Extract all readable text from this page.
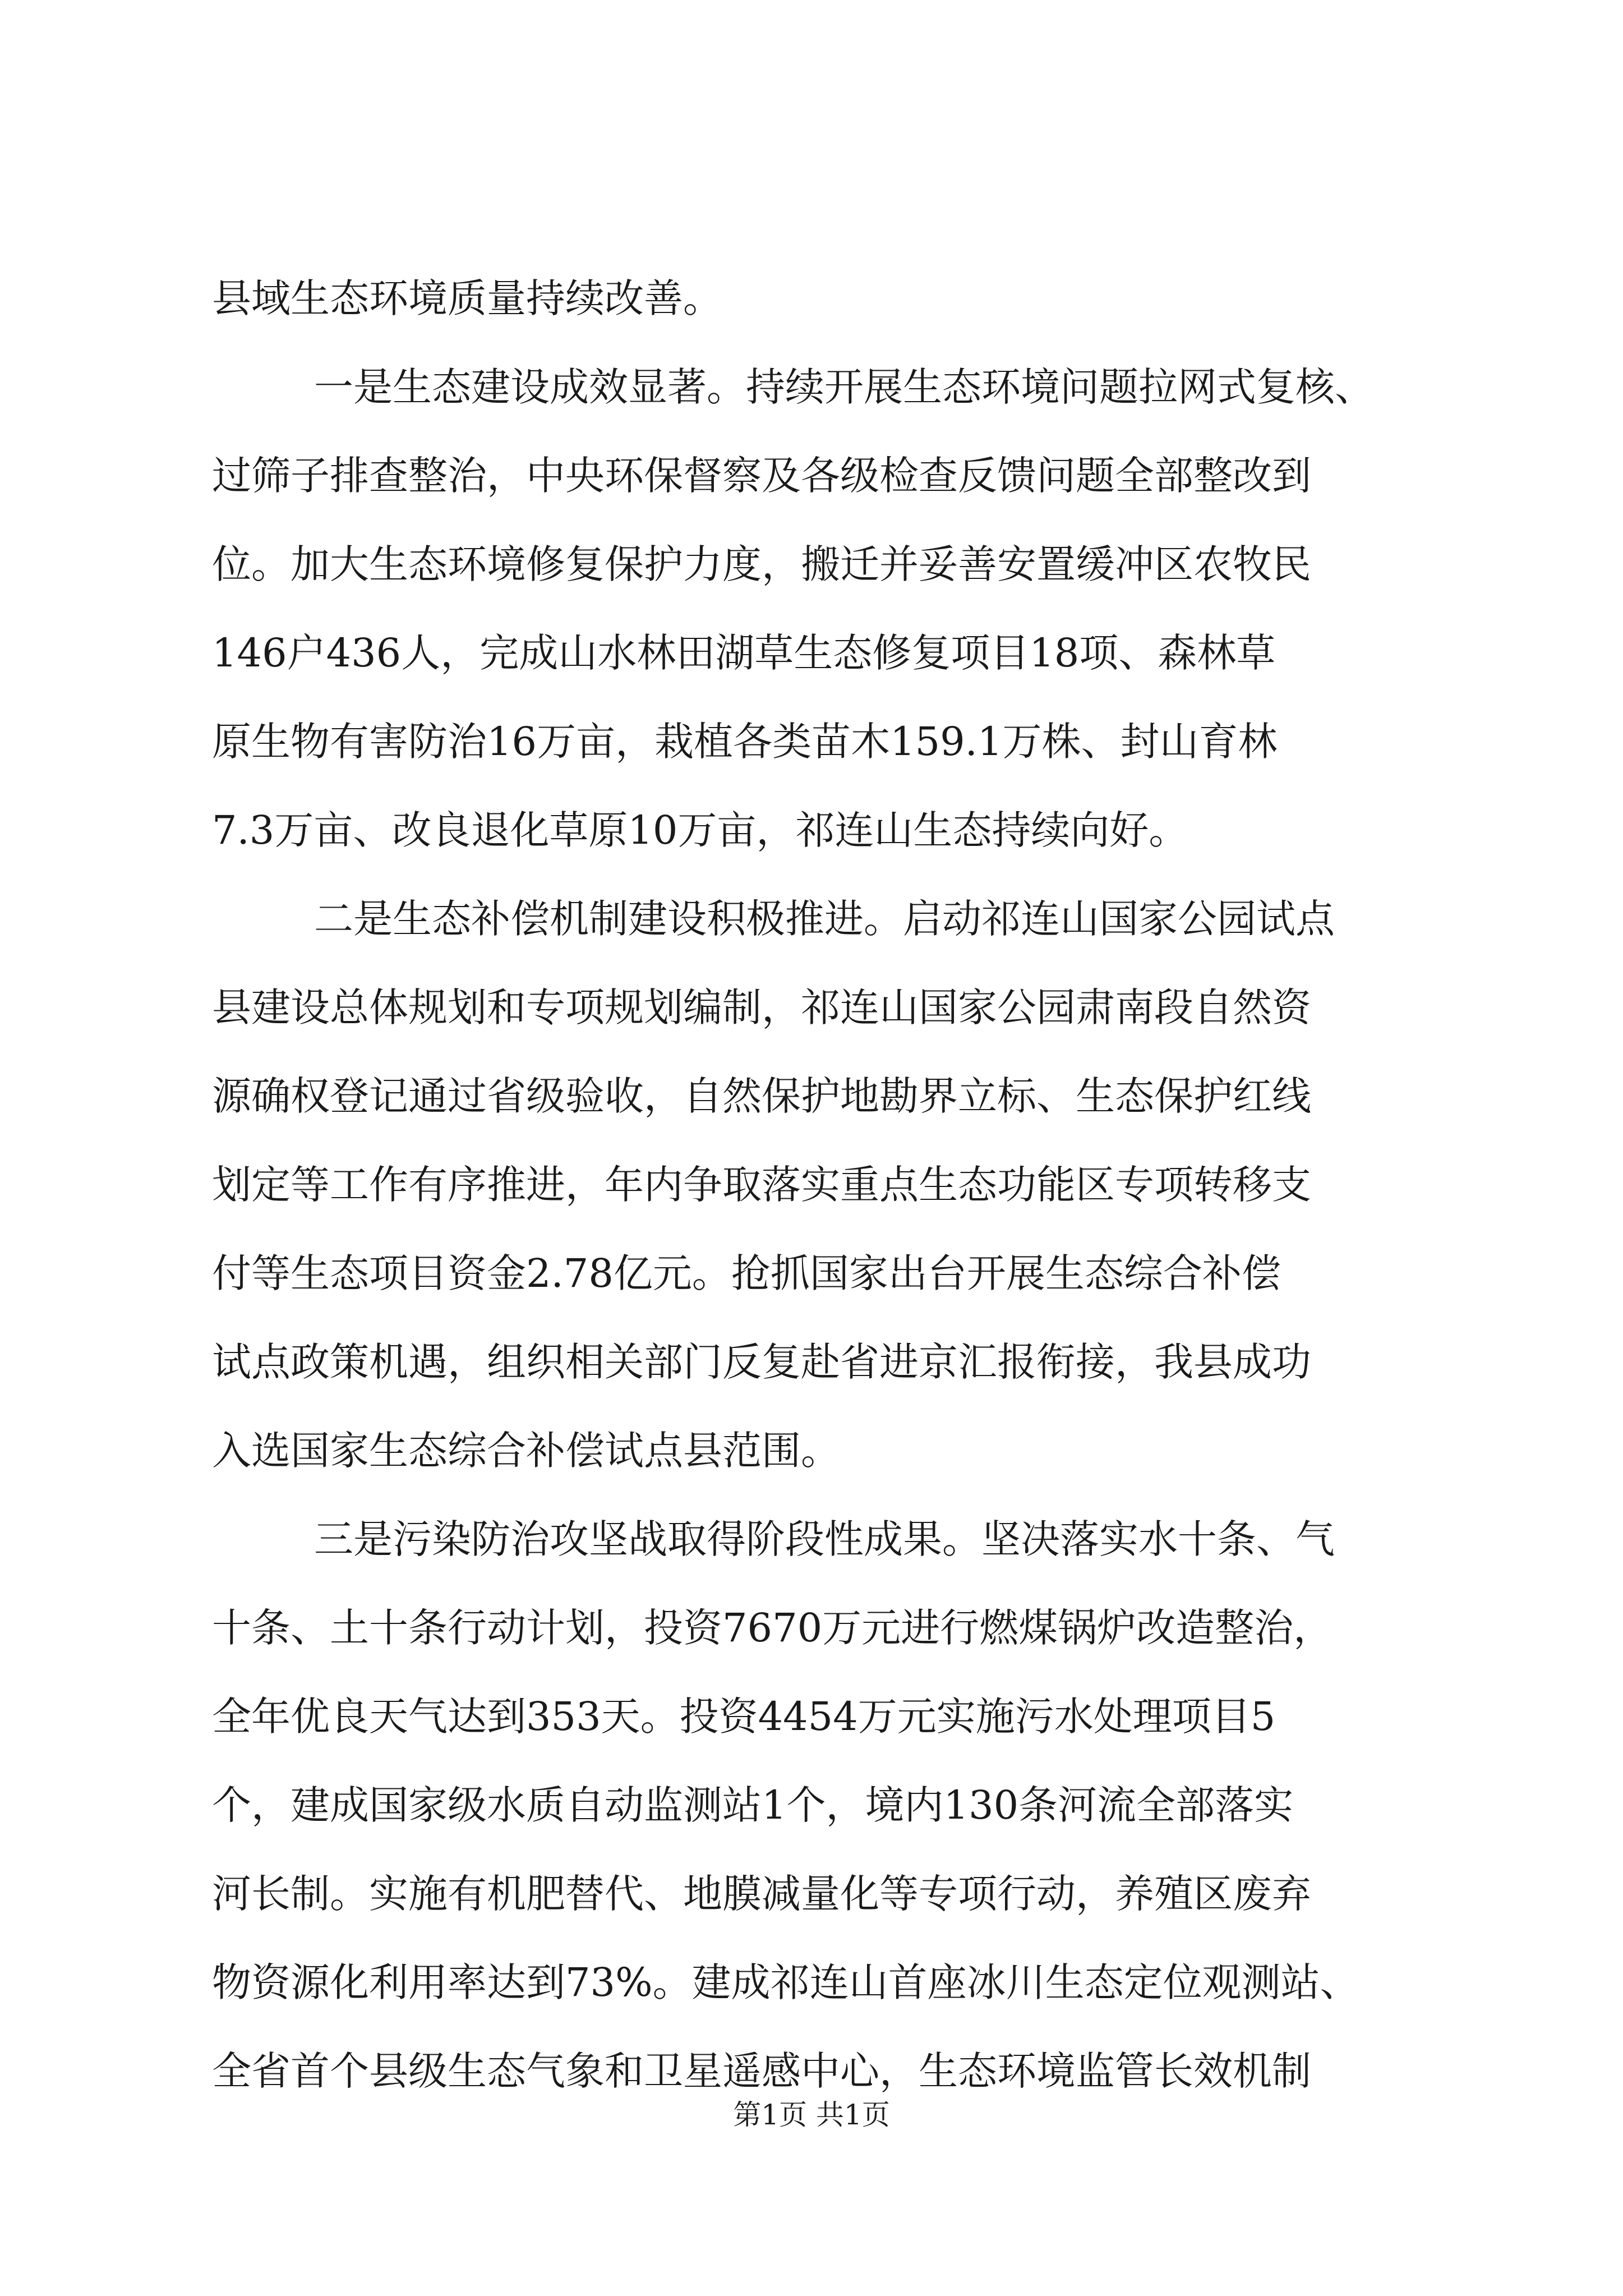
县域生态环境质量持续改善。
一是生态建设成效显著。持续开展生态环境问题拉网式复核、
过筛子排查整治，中央环保督察及各级检查反馈问题全部整改到
位。加大生态环境修复保护力度，搬迁并妥善安置缓冲区农牧民
146户436人，完成山水林田湖草生态修复项目18项、森林草
原生物有害防治16万亩，栽植各类苗木159.1万株、封山育林
7.3万亩、改良退化草原10万亩，祁连山生态持续向好。
二是生态补偿机制建设积极推进。启动祁连山国家公园试点
县建设总体规划和专项规划编制，祁连山国家公园肃南段自然资
源确权登记通过省级验收，自然保护地勘界立标、生态保护红线
划定等工作有序推进，年内争取落实重点生态功能区专项转移支
付等生态项目资金2.78亿元。抢抓国家出台开展生态综合补偿
试点政策机遇，组织相关部门反复赴省进京汇报衔接，我县成功
入选国家生态综合补偿试点县范围。
三是污染防治攻坚战取得阶段性成果。坚决落实水十条、气
十条、土十条行动计划，投资7670万元进行燃煤锅炉改造整治，
全年优良天气达到353天。投资4454万元实施污水处理项目5
个，建成国家级水质自动监测站1个，境内130条河流全部落实
河长制。实施有机肥替代、地膜减量化等专项行动，养殖区废弃
物资源化利用率达到73%。建成祁连山首座冰川生态定位观测站、
全省首个县级生态气象和卫星遥感中心，生态环境监管长效机制
第1页 共1页
